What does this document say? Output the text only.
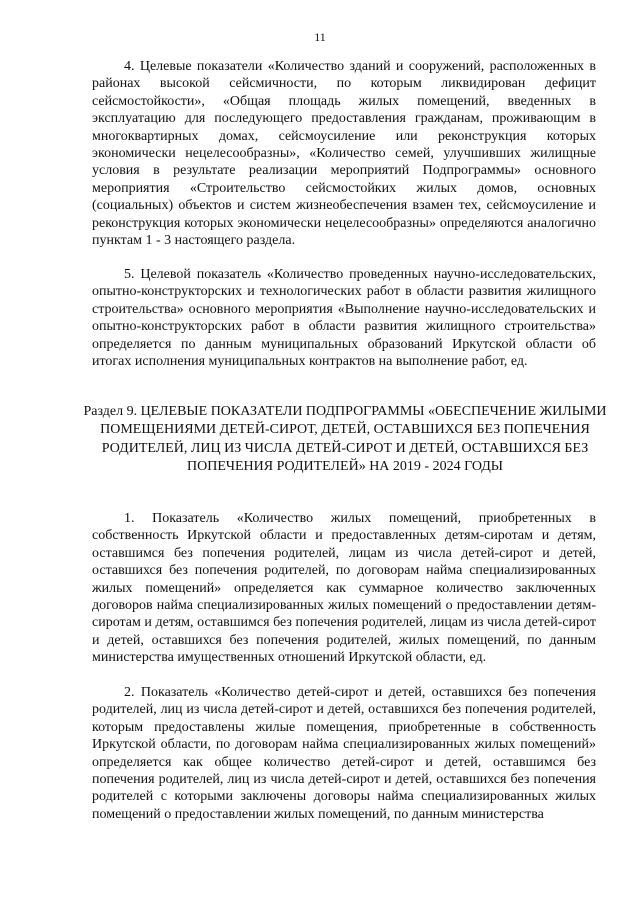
11

4. Целевые показатели «Количество зданий и сооружений, расположенных в районах высокой сейсмичности, по которым ликвидирован дефицит сейсмостойкости», «Общая площадь жилых помещений, введенных в эксплуатацию для последующего предоставления гражданам, проживающим в многоквартирных домах, сейсмоусиление или реконструкция которых экономически нецелесообразны», «Количество семей, улучшивших жилищные условия в результате реализации мероприятий Подпрограммы» основного мероприятия «Строительство сейсмостойких жилых домов, основных (социальных) объектов и систем жизнеобеспечения взамен тех, сейсмоусиление и реконструкция которых экономически нецелесообразны» определяются аналогично пунктам 1 - 3 настоящего раздела.

5. Целевой показатель «Количество проведенных научно-исследовательских, опытно-конструкторских и технологических работ в области развития жилищного строительства» основного мероприятия «Выполнение научно-исследовательских и опытно-конструкторских работ в области развития жилищного строительства» определяется по данным муниципальных образований Иркутской области об итогах исполнения муниципальных контрактов на выполнение работ, ед.

Раздел 9. ЦЕЛЕВЫЕ ПОКАЗАТЕЛИ ПОДПРОГРАММЫ «ОБЕСПЕЧЕНИЕ ЖИЛЫМИ ПОМЕЩЕНИЯМИ ДЕТЕЙ-СИРОТ, ДЕТЕЙ, ОСТАВШИХСЯ БЕЗ ПОПЕЧЕНИЯ РОДИТЕЛЕЙ, ЛИЦ ИЗ ЧИСЛА ДЕТЕЙ-СИРОТ И ДЕТЕЙ, ОСТАВШИХСЯ БЕЗ ПОПЕЧЕНИЯ РОДИТЕЛЕЙ» НА 2019 - 2024 ГОДЫ

1. Показатель «Количество жилых помещений, приобретенных в собственность Иркутской области и предоставленных детям-сиротам и детям, оставшимся без попечения родителей, лицам из числа детей-сирот и детей, оставшихся без попечения родителей, по договорам найма специализированных жилых помещений» определяется как суммарное количество заключенных договоров найма специализированных жилых помещений о предоставлении детям-сиротам и детям, оставшимся без попечения родителей, лицам из числа детей-сирот и детей, оставшихся без попечения родителей, жилых помещений, по данным министерства имущественных отношений Иркутской области, ед.

2. Показатель «Количество детей-сирот и детей, оставшихся без попечения родителей, лиц из числа детей-сирот и детей, оставшихся без попечения родителей, которым предоставлены жилые помещения, приобретенные в собственность Иркутской области, по договорам найма специализированных жилых помещений» определяется как общее количество детей-сирот и детей, оставшимся без попечения родителей, лиц из числа детей-сирот и детей, оставшихся без попечения родителей с которыми заключены договоры найма специализированных жилых помещений о предоставлении жилых помещений, по данным министерства
